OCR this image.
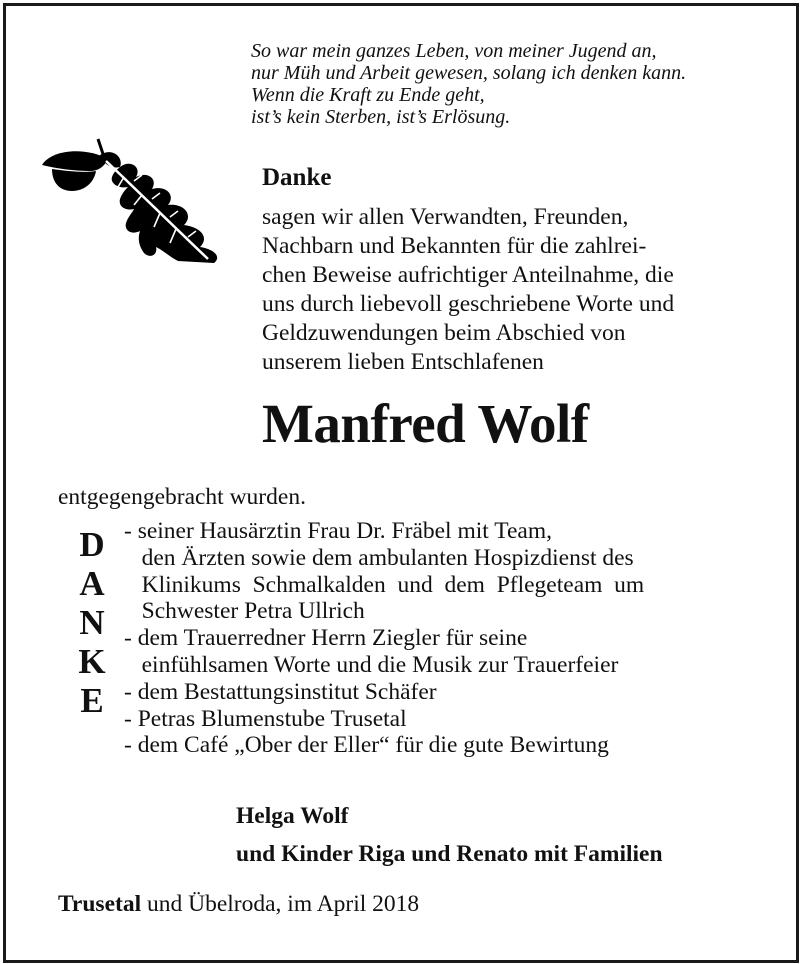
So war mein ganzes Leben, von meiner Jugend an,
nur Müh und Arbeit gewesen, solang ich denken kann.
Wenn die Kraft zu Ende geht,
ist’s kein Sterben, ist’s Erlösung.
Danke
sagen wir allen Verwandten, Freunden,
Nachbarn und Bekannten für die zahlrei-
chen Beweise aufrichtiger Anteilnahme, die
uns durch liebevoll geschriebene Worte und
Geldzuwendungen beim Abschied von
unserem lieben Entschlafenen
Manfred Wolf
entgegengebracht wurden.
D
A
N
K
E
- seiner Hausärztin Frau Dr. Fräbel mit Team,
den Ärzten sowie dem ambulanten Hospizdienst des
Klinikums  Schmalkalden  und  dem  Pflegeteam  um
Schwester Petra Ullrich
- dem Trauerredner Herrn Ziegler für seine
einfühlsamen Worte und die Musik zur Trauerfeier
- dem Bestattungsinstitut Schäfer
- Petras Blumenstube Trusetal
- dem Café „Ober der Eller“ für die gute Bewirtung
Helga Wolf
und Kinder Riga und Renato mit Familien
Trusetal und Übelroda, im April 2018
